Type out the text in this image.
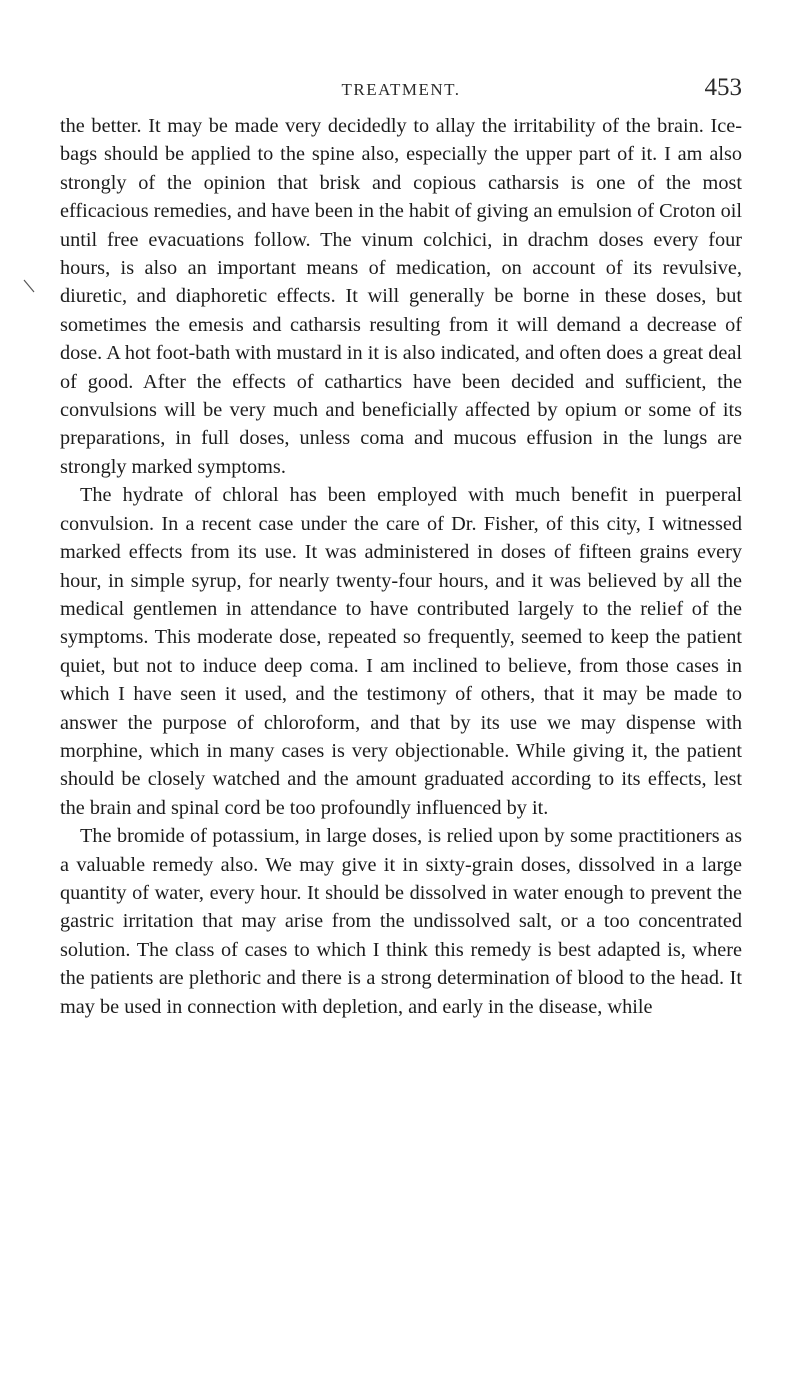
TREATMENT.	453

the better. It may be made very decidedly to allay the irritability of the brain. Ice-bags should be applied to the spine also, especially the upper part of it. I am also strongly of the opinion that brisk and copious catharsis is one of the most efficacious remedies, and have been in the habit of giving an emulsion of Croton oil until free evacuations follow. The vinum colchici, in drachm doses every four hours, is also an important means of medication, on account of its revulsive, diuretic, and diaphoretic effects. It will generally be borne in these doses, but sometimes the emesis and catharsis resulting from it will demand a decrease of dose. A hot foot-bath with mustard in it is also indicated, and often does a great deal of good. After the effects of cathartics have been decided and sufficient, the convulsions will be very much and beneficially affected by opium or some of its preparations, in full doses, unless coma and mucous effusion in the lungs are strongly marked symptoms.

The hydrate of chloral has been employed with much benefit in puerperal convulsion. In a recent case under the care of Dr. Fisher, of this city, I witnessed marked effects from its use. It was administered in doses of fifteen grains every hour, in simple syrup, for nearly twenty-four hours, and it was believed by all the medical gentlemen in attendance to have contributed largely to the relief of the symptoms. This moderate dose, repeated so frequently, seemed to keep the patient quiet, but not to induce deep coma. I am inclined to believe, from those cases in which I have seen it used, and the testimony of others, that it may be made to answer the purpose of chloroform, and that by its use we may dispense with morphine, which in many cases is very objectionable. While giving it, the patient should be closely watched and the amount graduated according to its effects, lest the brain and spinal cord be too profoundly influenced by it.

The bromide of potassium, in large doses, is relied upon by some practitioners as a valuable remedy also. We may give it in sixty-grain doses, dissolved in a large quantity of water, every hour. It should be dissolved in water enough to prevent the gastric irritation that may arise from the undissolved salt, or a too concentrated solution. The class of cases to which I think this remedy is best adapted is, where the patients are plethoric and there is a strong determination of blood to the head. It may be used in connection with depletion, and early in the disease, while
